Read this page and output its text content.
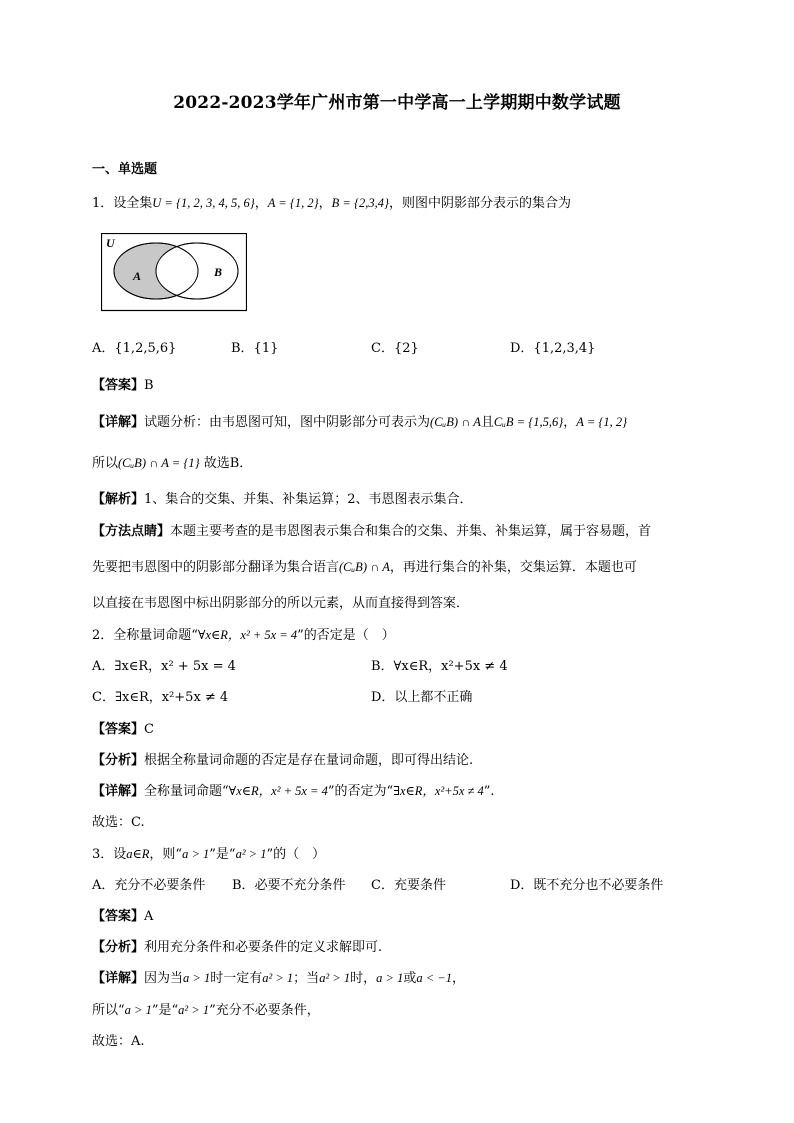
2022-2023学年广州市第一中学高一上学期期中数学试题
一、单选题
1．设全集U = {1, 2, 3, 4, 5, 6}，A = {1, 2}，B = {2,3,4}，则图中阴影部分表示的集合为
U
A	B
A．{1,2,5,6}	B．{1}	C．{2}	D．{1,2,3,4}
【答案】B
【详解】试题分析：由韦恩图可知，图中阴影部分可表示为(CᵤB) ∩ A且CᵤB = {1,5,6}，A = {1, 2}
所以(CᵤB) ∩ A = {1} 故选B．
【解析】1、集合的交集、并集、补集运算；2、韦恩图表示集合．
【方法点睛】本题主要考查的是韦恩图表示集合和集合的交集、并集、补集运算，属于容易题，首
先要把韦恩图中的阴影部分翻译为集合语言(CᵤB) ∩ A，再进行集合的补集，交集运算．本题也可
以直接在韦恩图中标出阴影部分的所以元素，从而直接得到答案．
2．全称量词命题“∀x∈R，x² + 5x = 4”的否定是（　）
A．∃x∈R，x² + 5x = 4	B．∀x∈R，x²+5x ≠ 4
C．∃x∈R，x²+5x ≠ 4	D．以上都不正确
【答案】C
【分析】根据全称量词命题的否定是存在量词命题，即可得出结论.
【详解】全称量词命题“∀x∈R，x² + 5x = 4”的否定为“∃x∈R，x²+5x ≠ 4”.
故选：C.
3．设a∈R，则“a > 1”是“a² > 1”的（　）
A．充分不必要条件 B．必要不充分条件 C．充要条件	D．既不充分也不必要条件
【答案】A
【分析】利用充分条件和必要条件的定义求解即可.
【详解】因为当a > 1时一定有a² > 1；当a² > 1时，a > 1或a < −1，
所以“a > 1”是“a² > 1”充分不必要条件，
故选：A.
